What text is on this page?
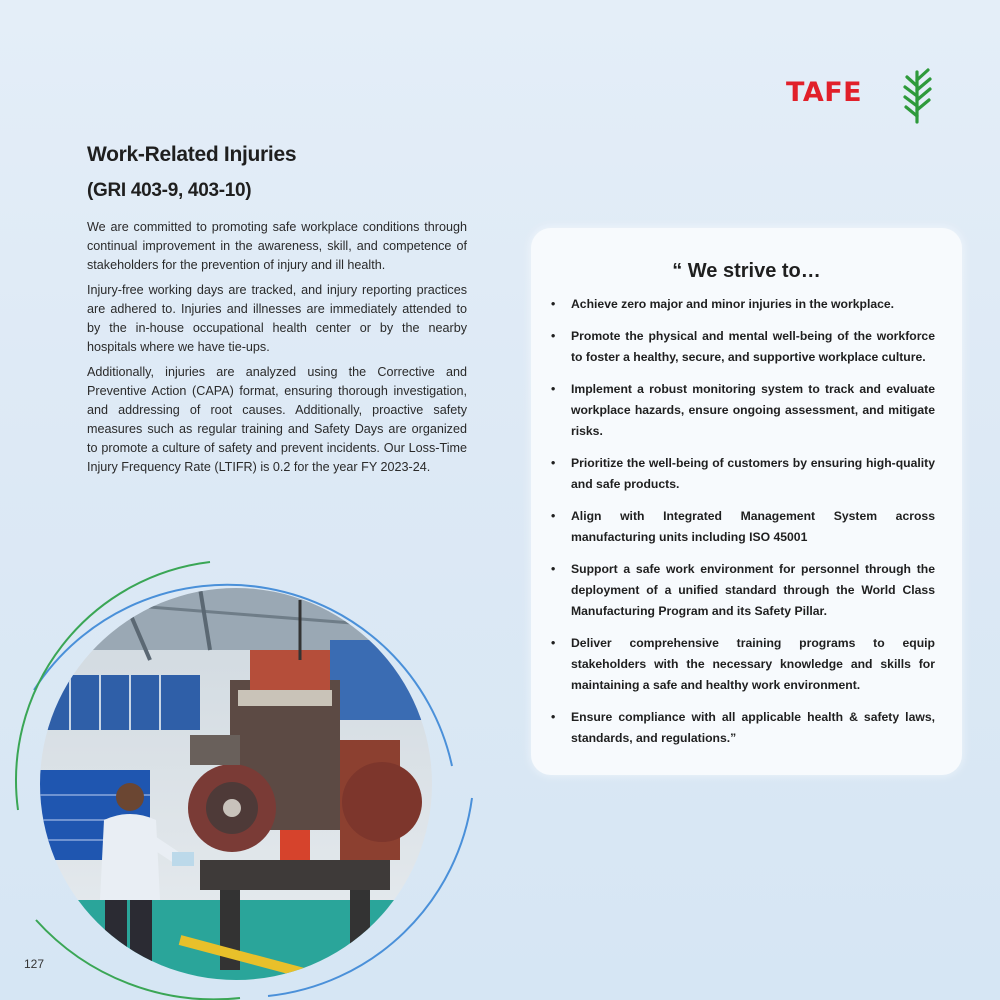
TAFE
Work-Related Injuries
(GRI 403-9, 403-10)

We are committed to promoting safe workplace conditions through continual improvement in the awareness, skill, and competence of stakeholders for the prevention of injury and ill health.

Injury-free working days are tracked, and injury reporting practices are adhered to. Injuries and illnesses are immediately attended to by the in-house occupational health center or by the nearby hospitals where we have tie-ups.

Additionally, injuries are analyzed using the Corrective and Preventive Action (CAPA) format, ensuring thorough investigation, and addressing of root causes. Additionally, proactive safety measures such as regular training and Safety Days are organized to promote a culture of safety and prevent incidents. Our Loss-Time Injury Frequency Rate (LTIFR) is 0.2 for the year FY 2023-24.

“ We strive to…
• Achieve zero major and minor injuries in the workplace.
• Promote the physical and mental well-being of the workforce to foster a healthy, secure, and supportive workplace culture.
• Implement a robust monitoring system to track and evaluate workplace hazards, ensure ongoing assessment, and mitigate risks.
• Prioritize the well-being of customers by ensuring high-quality and safe products.
• Align with Integrated Management System across manufacturing units including ISO 45001
• Support a safe work environment for personnel through the deployment of a unified standard through the World Class Manufacturing Program and its Safety Pillar.
• Deliver comprehensive training programs to equip stakeholders with the necessary knowledge and skills for maintaining a safe and healthy work environment.
• Ensure compliance with all applicable health & safety laws, standards, and regulations.”
127
